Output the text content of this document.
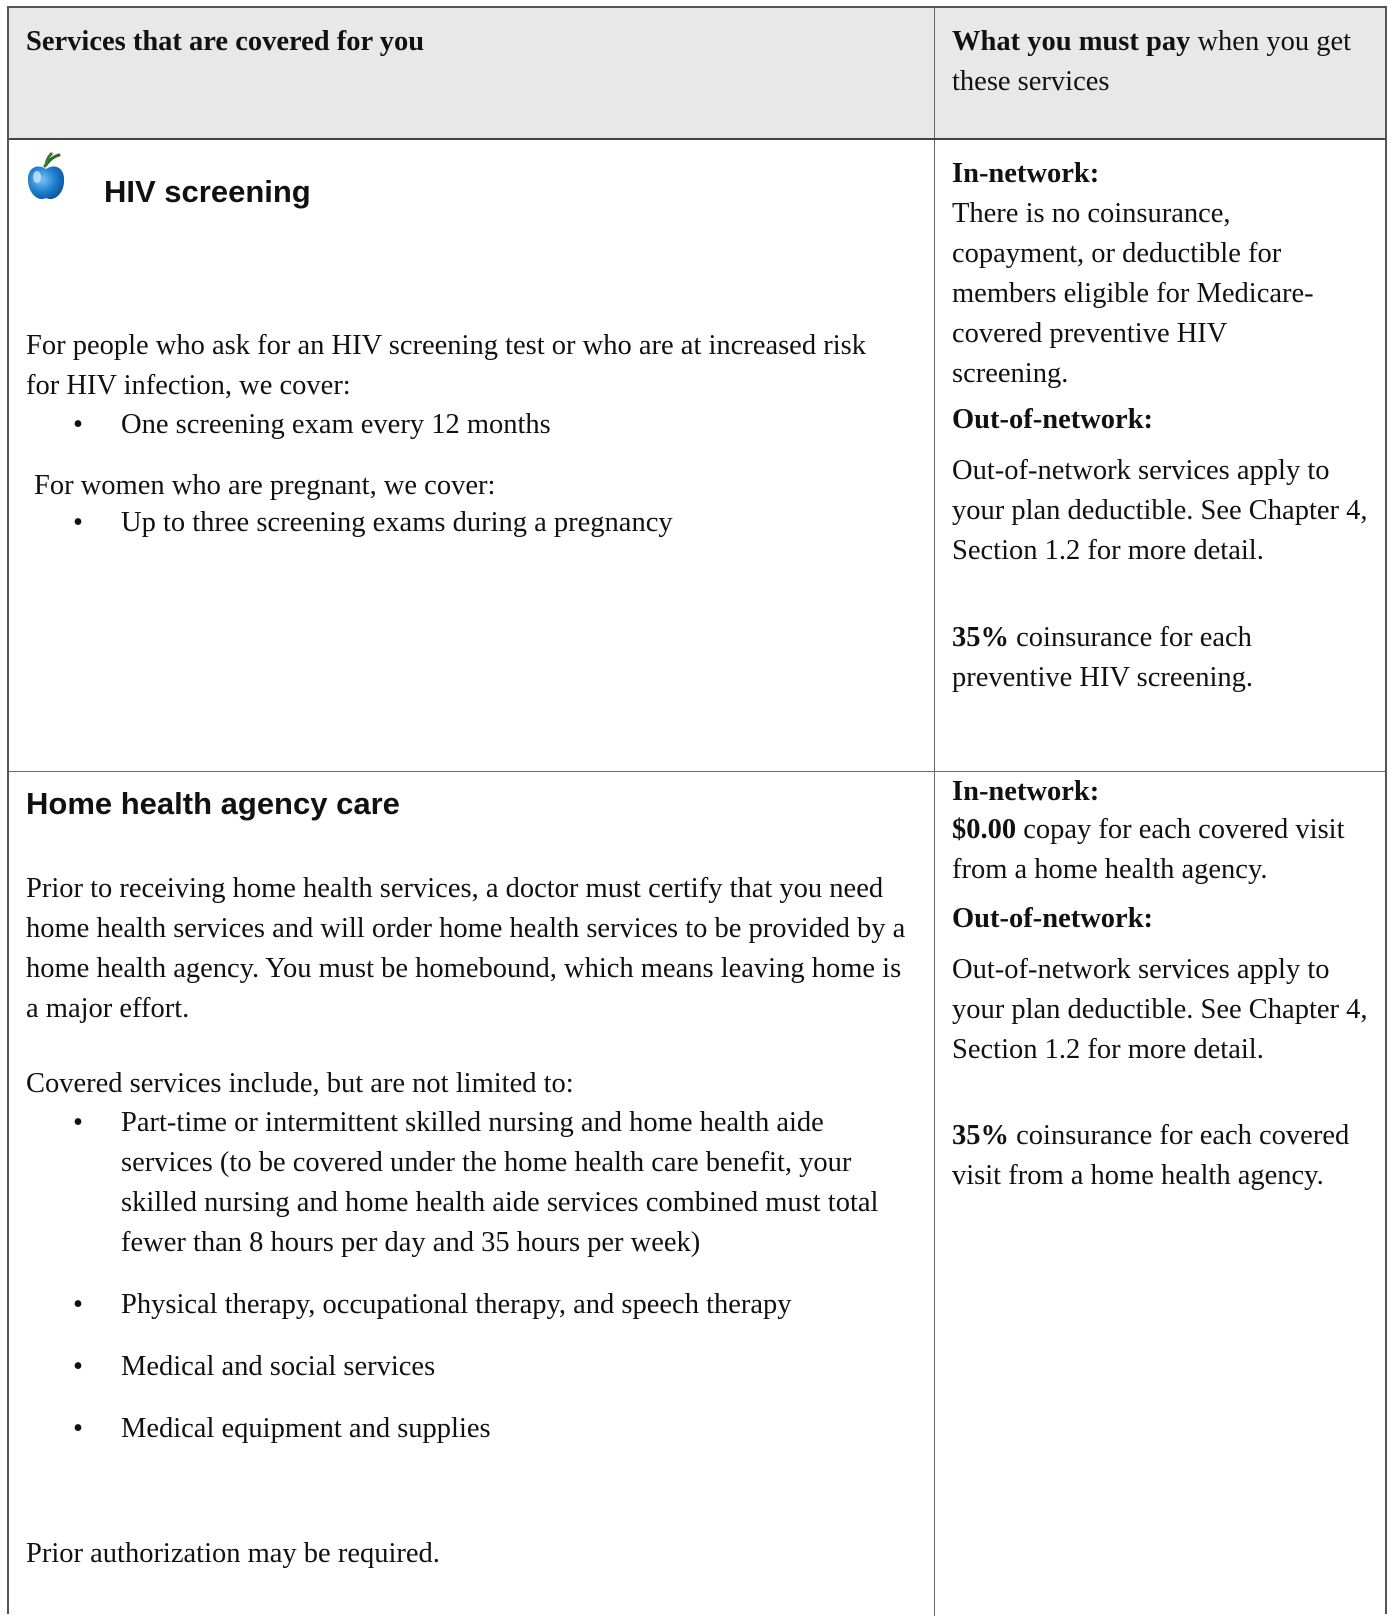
Services that are covered for you	What you must pay when you get these services

HIV screening

For people who ask for an HIV screening test or who are at increased risk for HIV infection, we cover:

• One screening exam every 12 months

For women who are pregnant, we cover:

• Up to three screening exams during a pregnancy

In-network:

There is no coinsurance, copayment, or deductible for members eligible for Medicare-covered preventive HIV screening.

Out-of-network:

Out-of-network services apply to your plan deductible. See Chapter 4, Section 1.2 for more detail.

35% coinsurance for each preventive HIV screening.

Home health agency care

Prior to receiving home health services, a doctor must certify that you need home health services and will order home health services to be provided by a home health agency. You must be homebound, which means leaving home is a major effort.

Covered services include, but are not limited to:

• Part-time or intermittent skilled nursing and home health aide services (to be covered under the home health care benefit, your skilled nursing and home health aide services combined must total fewer than 8 hours per day and 35 hours per week)
• Physical therapy, occupational therapy, and speech therapy
• Medical and social services
• Medical equipment and supplies

Prior authorization may be required.

In-network:

$0.00 copay for each covered visit from a home health agency.

Out-of-network:

Out-of-network services apply to your plan deductible. See Chapter 4, Section 1.2 for more detail.

35% coinsurance for each covered visit from a home health agency.
